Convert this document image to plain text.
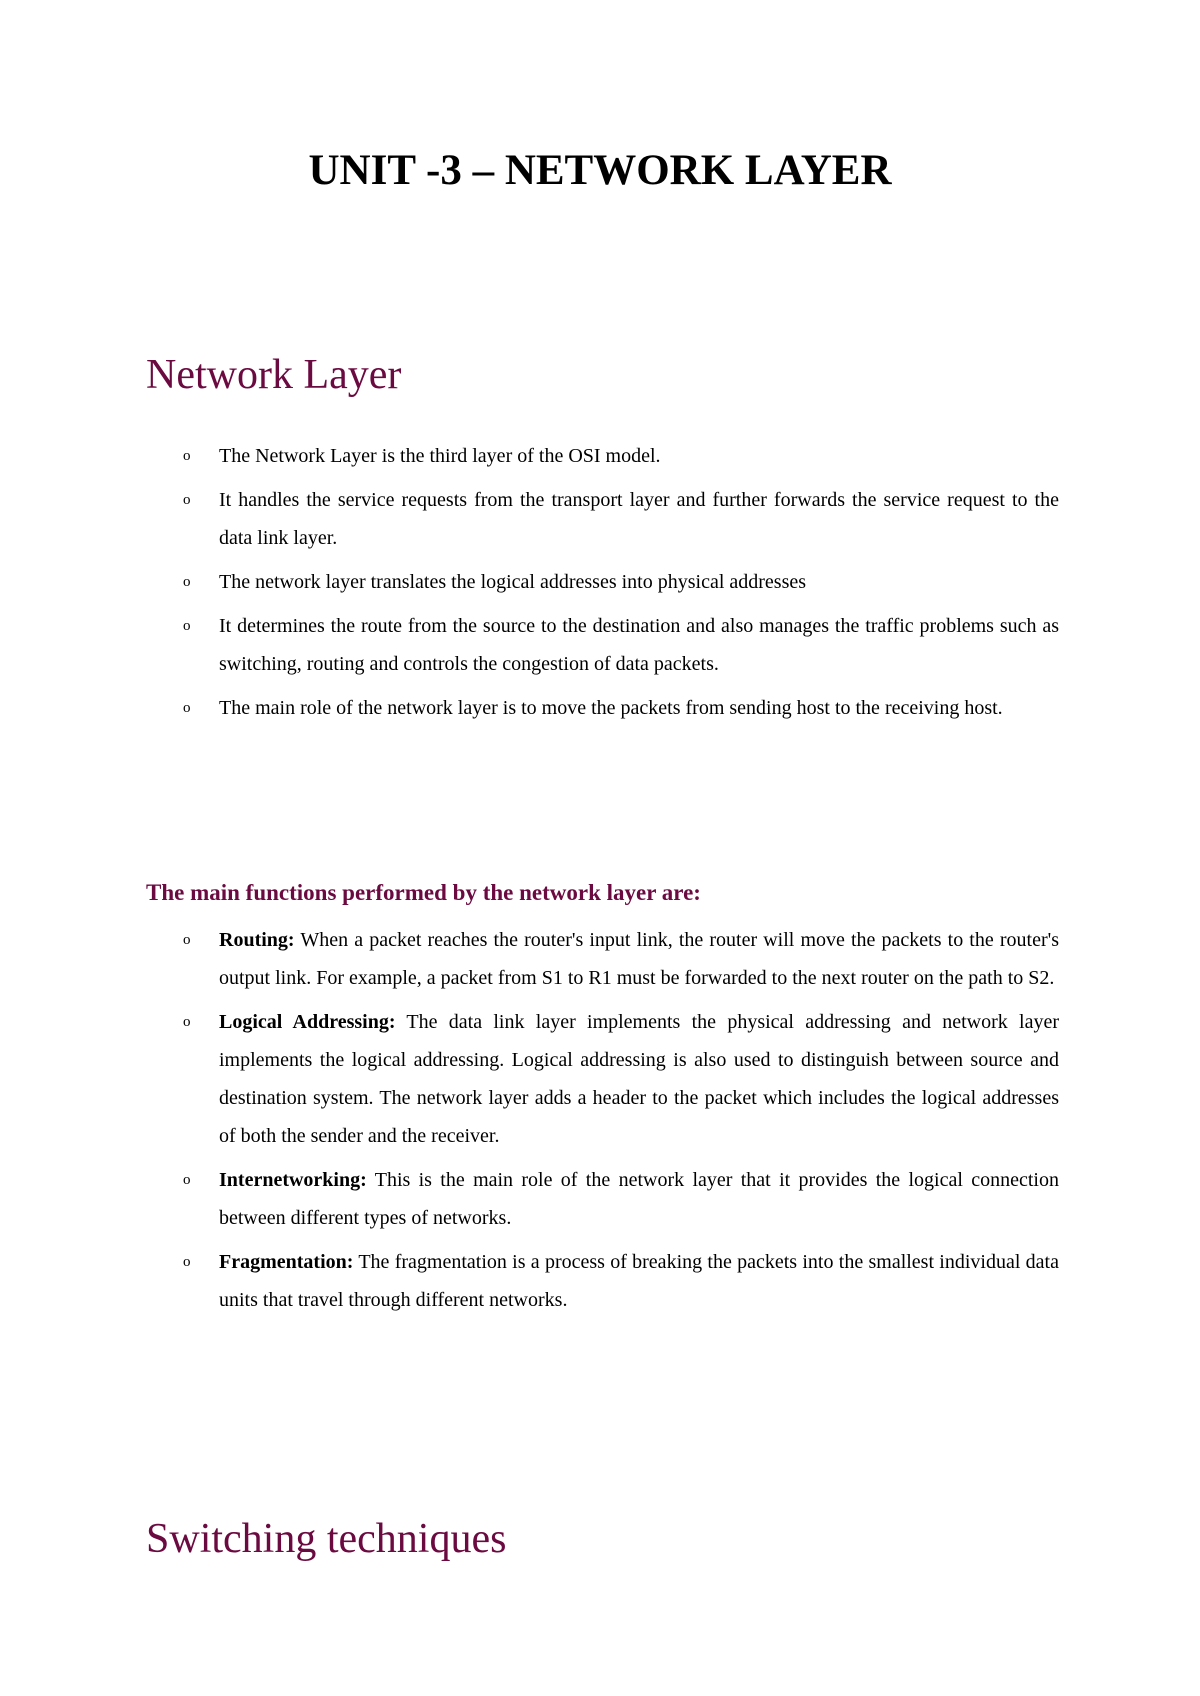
UNIT -3 – NETWORK LAYER
Network Layer
o The Network Layer is the third layer of the OSI model.
o It handles the service requests from the transport layer and further forwards the service request to the data link layer.
o The network layer translates the logical addresses into physical addresses
o It determines the route from the source to the destination and also manages the traffic problems such as switching, routing and controls the congestion of data packets.
o The main role of the network layer is to move the packets from sending host to the receiving host.
The main functions performed by the network layer are:
o Routing: When a packet reaches the router's input link, the router will move the packets to the router's output link. For example, a packet from S1 to R1 must be forwarded to the next router on the path to S2.
o Logical Addressing: The data link layer implements the physical addressing and network layer implements the logical addressing. Logical addressing is also used to distinguish between source and destination system. The network layer adds a header to the packet which includes the logical addresses of both the sender and the receiver.
o Internetworking: This is the main role of the network layer that it provides the logical connection between different types of networks.
o Fragmentation: The fragmentation is a process of breaking the packets into the smallest individual data units that travel through different networks.
Switching techniques
